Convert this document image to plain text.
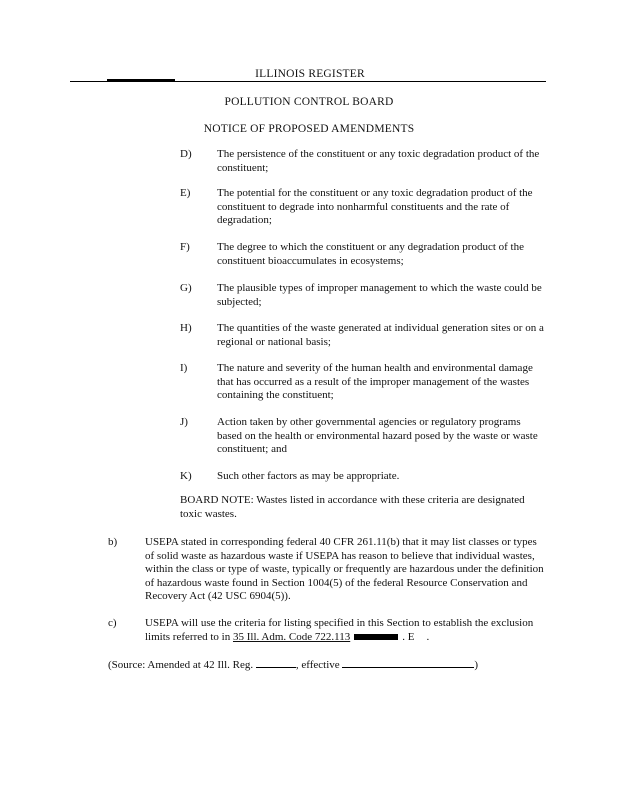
ILLINOIS REGISTER
POLLUTION CONTROL BOARD
NOTICE OF PROPOSED AMENDMENTS
D) The persistence of the constituent or any toxic degradation product of the constituent;
E) The potential for the constituent or any toxic degradation product of the constituent to degrade into nonharmful constituents and the rate of degradation;
F) The degree to which the constituent or any degradation product of the constituent bioaccumulates in ecosystems;
G) The plausible types of improper management to which the waste could be subjected;
H) The quantities of the waste generated at individual generation sites or on a regional or national basis;
I)	The nature and severity of the human health and environmental damage that has occurred as a result of the improper management of the wastes containing the constituent;
J)	Action taken by other governmental agencies or regulatory programs based on the health or environmental hazard posed by the waste or waste constituent; and
K) Such other factors as may be appropriate.
BOARD NOTE: Wastes listed in accordance with these criteria are designated toxic wastes.
b)	USEPA stated in corresponding federal 40 CFR 261.11(b) that it may list classes or types of solid waste as hazardous waste if USEPA has reason to believe that individual wastes, within the class or type of waste, typically or frequently are hazardous under the definition of hazardous waste found in Section 1004(5) of the federal Resource Conservation and Recovery Act (42 USC 6904(5)).
c)	USEPA will use the criteria for listing specified in this Section to establish the exclusion limits referred to in 35 Ill. Adm. Code 722.113	. E .
(Source: Amended at 42 Ill. Reg.	, effective	)
